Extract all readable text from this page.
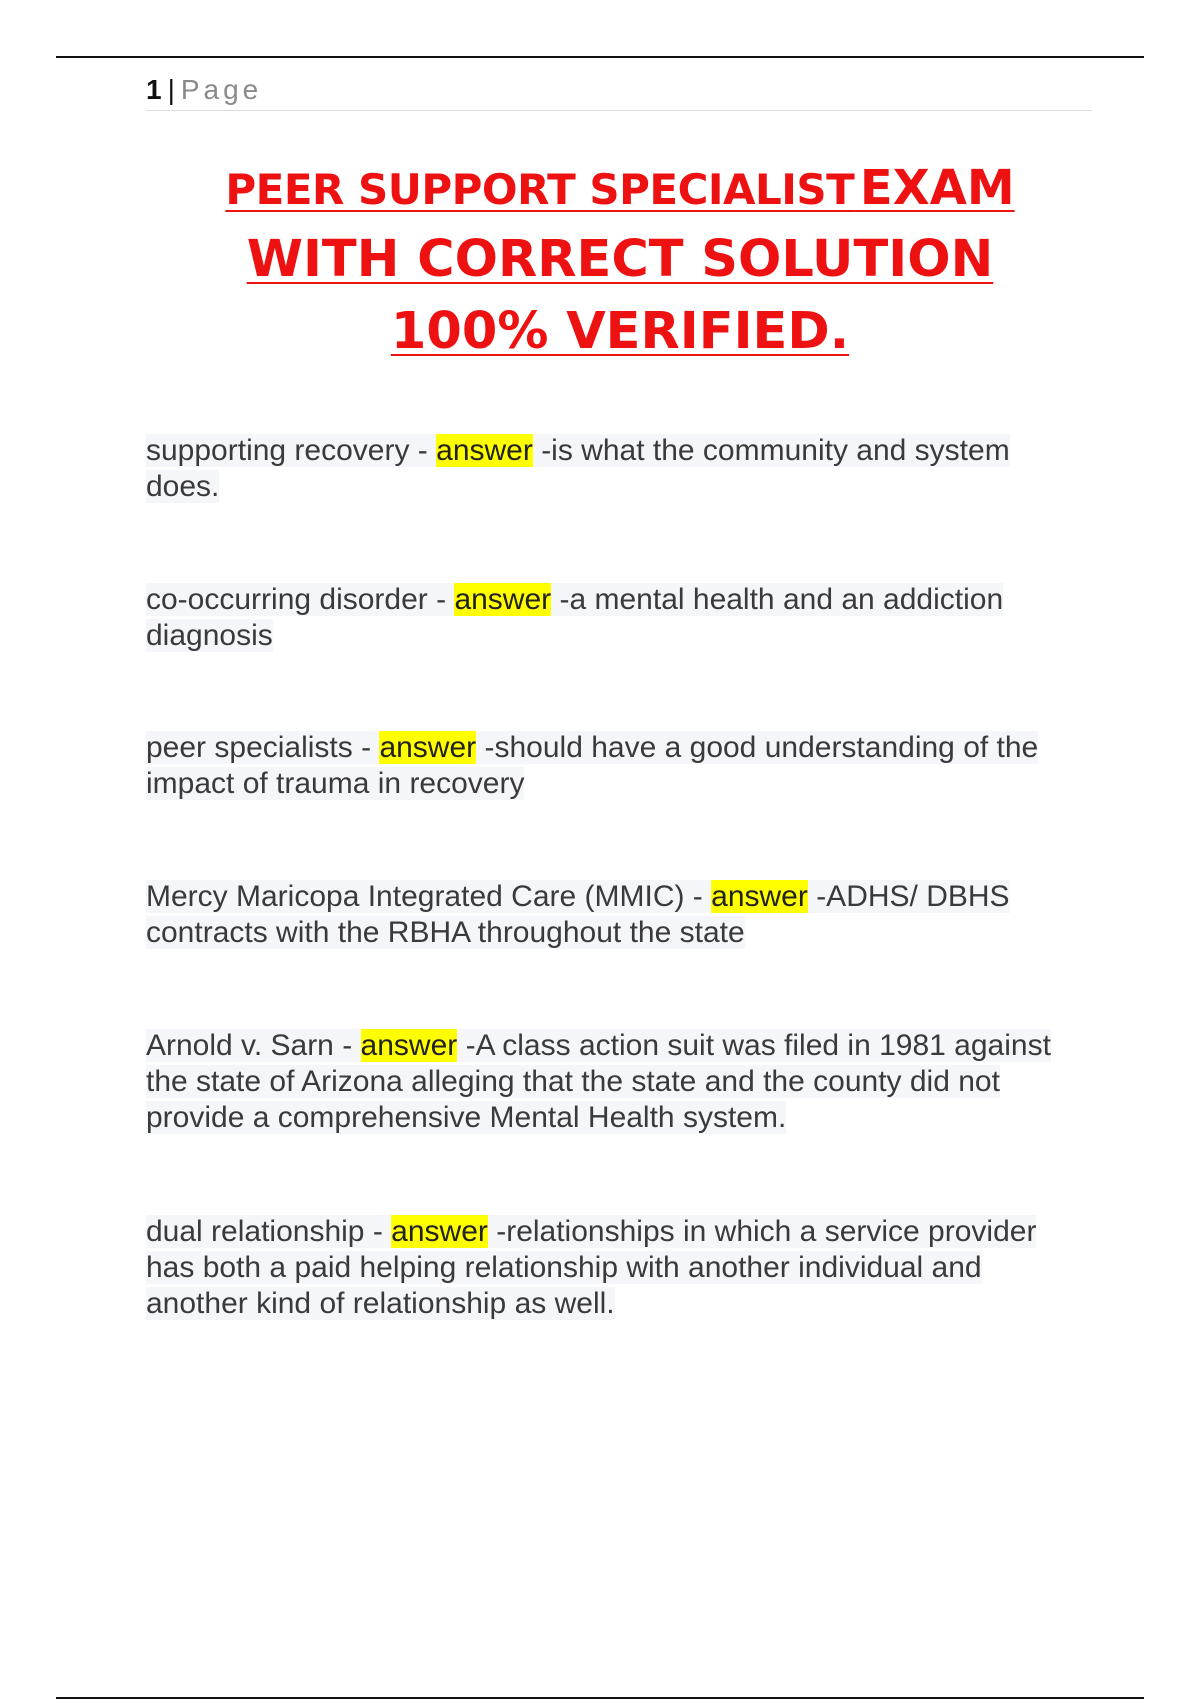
1 | Page
PEER SUPPORT SPECIALIST EXAM
WITH CORRECT SOLUTION
100% VERIFIED.
supporting recovery - answer -is what the community and system does.
co-occurring disorder - answer -a mental health and an addiction diagnosis
peer specialists - answer -should have a good understanding of the impact of trauma in recovery
Mercy Maricopa Integrated Care (MMIC) - answer -ADHS/ DBHS contracts with the RBHA throughout the state
Arnold v. Sarn - answer -A class action suit was filed in 1981 against the state of Arizona alleging that the state and the county did not provide a comprehensive Mental Health system.
dual relationship - answer -relationships in which a service provider has both a paid helping relationship with another individual and another kind of relationship as well.
